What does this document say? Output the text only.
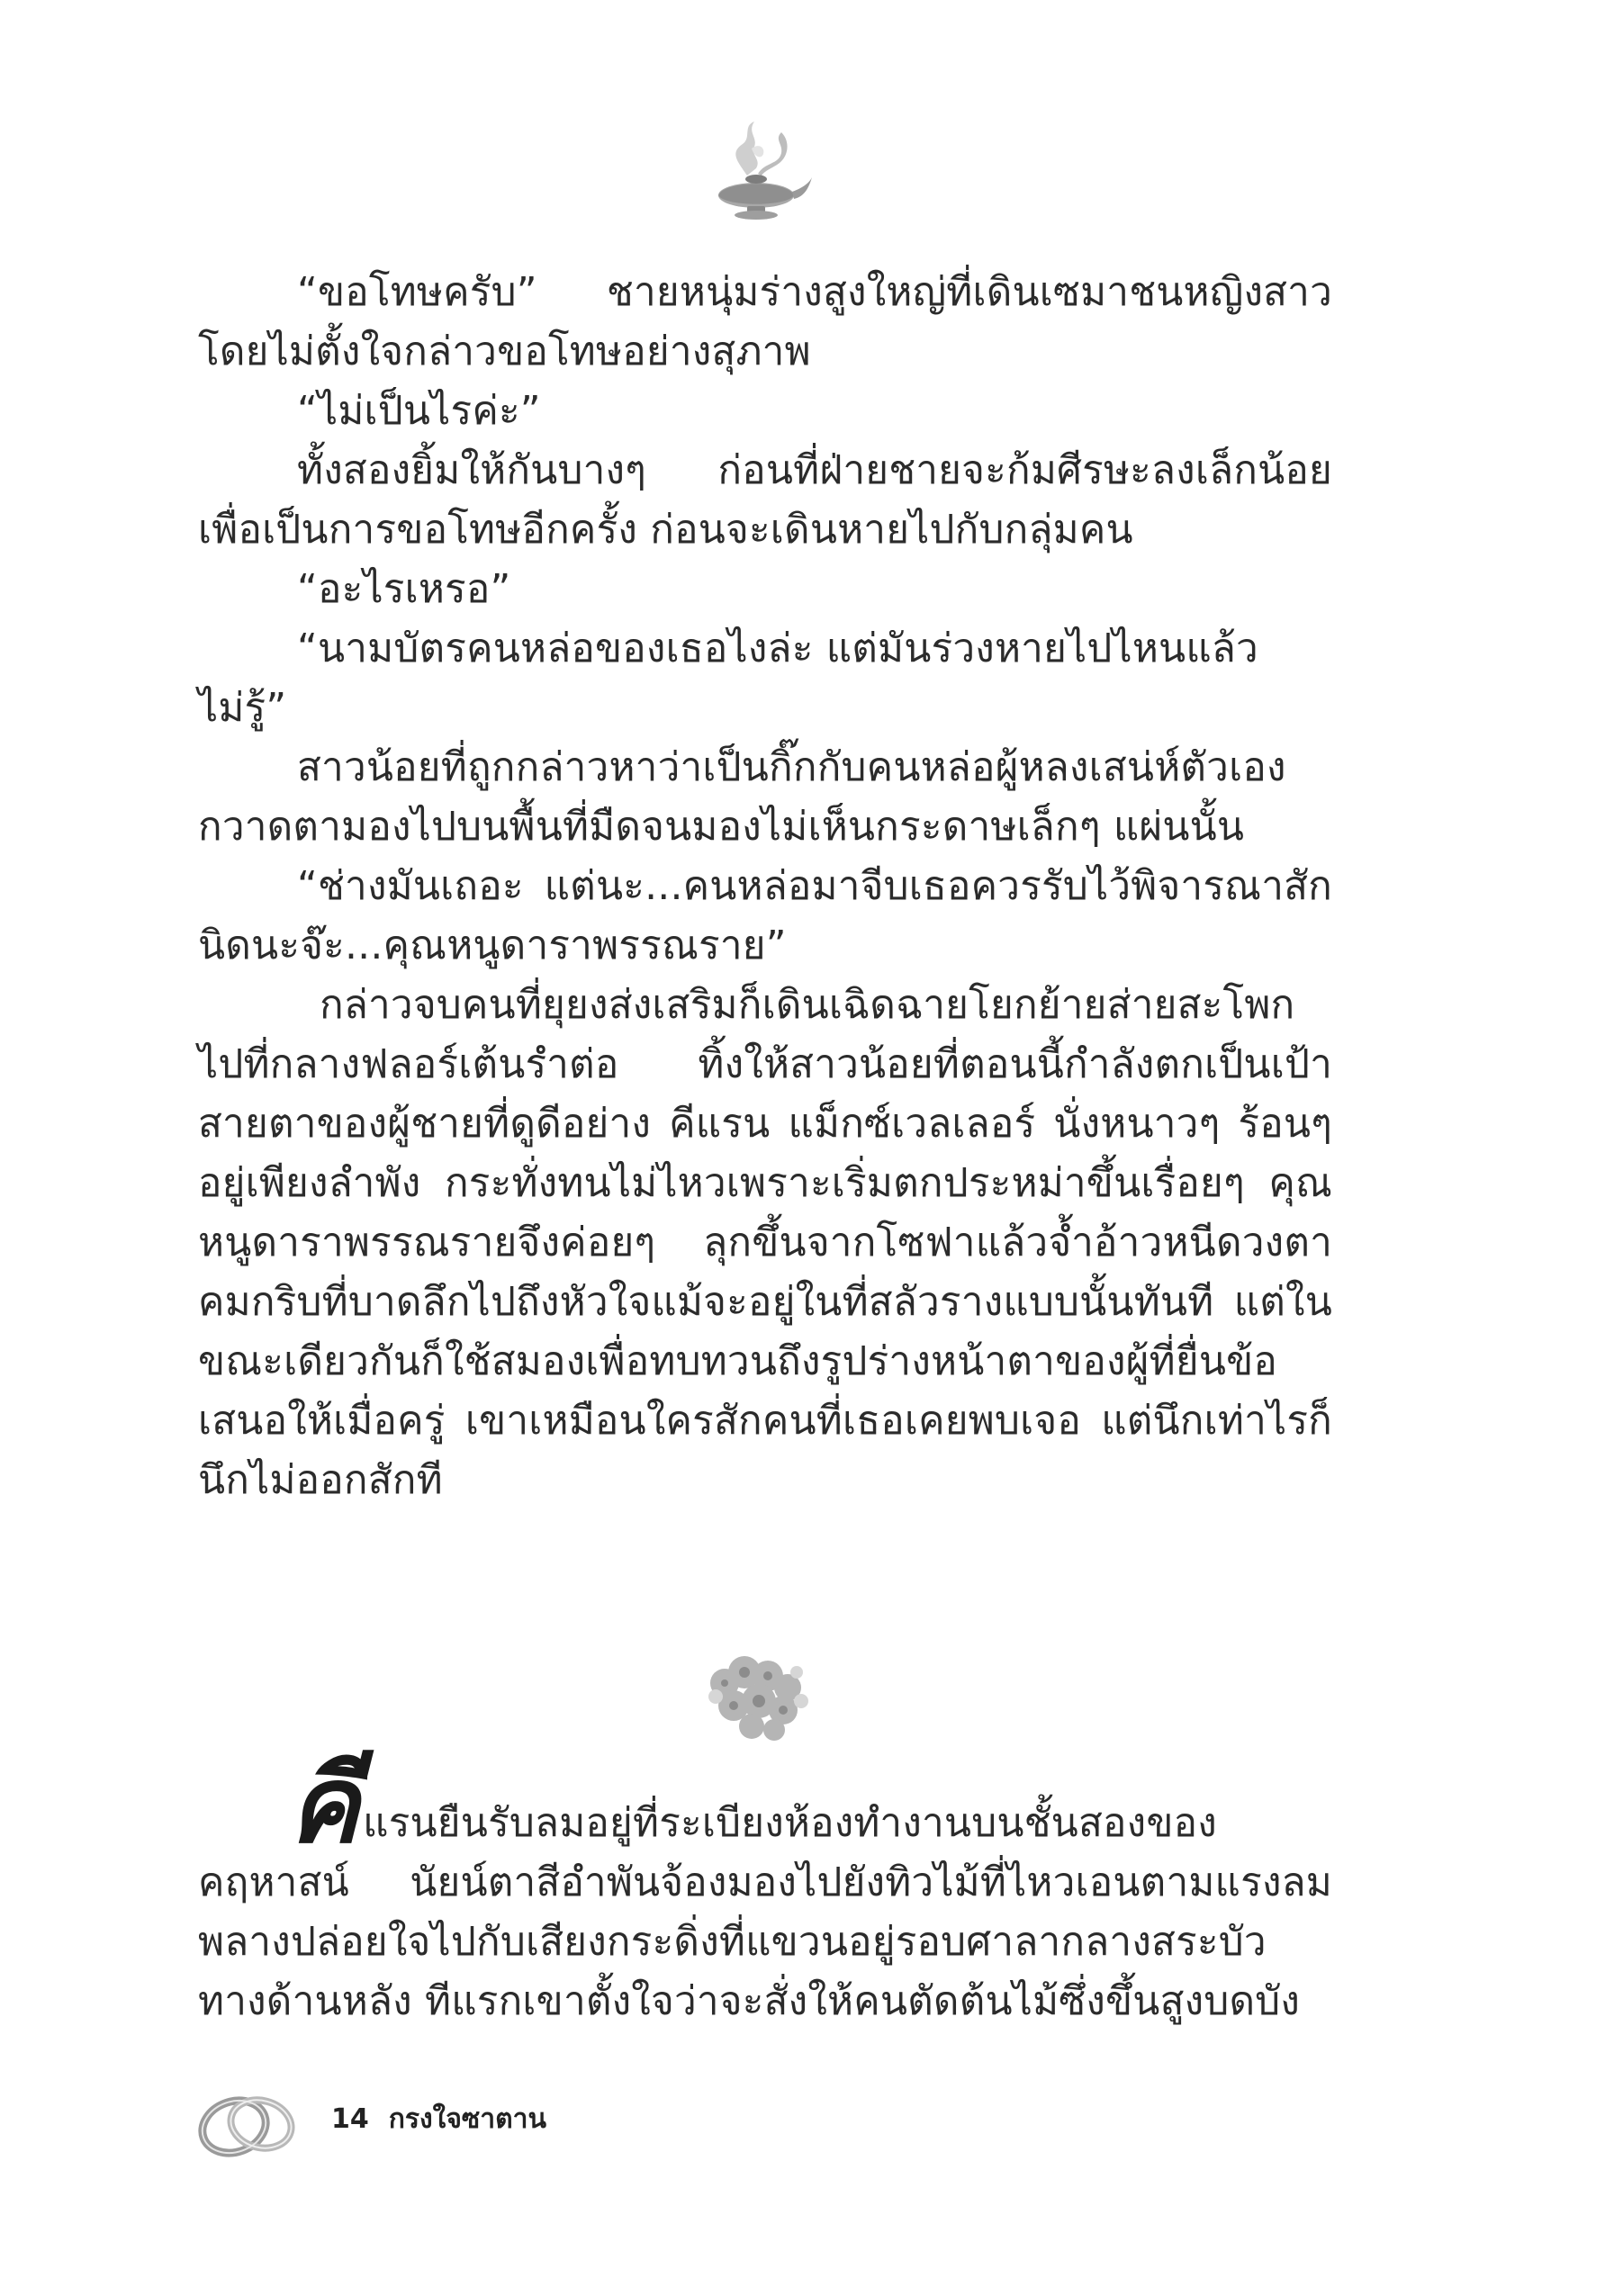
“ขอโทษครับ” ชายหนุ่มร่างสูงใหญ่ที่เดินเซมาชนหญิงสาวโดยไม่ตั้งใจกล่าวขอโทษอย่างสุภาพ

“ไม่เป็นไรค่ะ”

ทั้งสองยิ้มให้กันบางๆ ก่อนที่ฝ่ายชายจะก้มศีรษะลงเล็กน้อยเพื่อเป็นการขอโทษอีกครั้ง ก่อนจะเดินหายไปกับกลุ่มคน

“อะไรเหรอ”

“นามบัตรคนหล่อของเธอไงล่ะ แต่มันร่วงหายไปไหนแล้วไม่รู้”

สาวน้อยที่ถูกกล่าวหาว่าเป็นกิ๊กกับคนหล่อผู้หลงเสน่ห์ตัวเองกวาดตามองไปบนพื้นที่มืดจนมองไม่เห็นกระดาษเล็กๆ แผ่นนั้น

“ช่างมันเถอะ แต่นะ...คนหล่อมาจีบเธอควรรับไว้พิจารณาสักนิดนะจ๊ะ...คุณหนูดาราพรรณราย”

กล่าวจบคนที่ยุยงส่งเสริมก็เดินเฉิดฉายโยกย้ายส่ายสะโพกไปที่กลางฟลอร์เต้นรำต่อ ทิ้งให้สาวน้อยที่ตอนนี้กำลังตกเป็นเป้าสายตาของผู้ชายที่ดูดีอย่าง คีแรน แม็กซ์เวลเลอร์ นั่งหนาวๆ ร้อนๆ อยู่เพียงลำพัง กระทั่งทนไม่ไหวเพราะเริ่มตกประหม่าขึ้นเรื่อยๆ คุณหนูดาราพรรณรายจึงค่อยๆ ลุกขึ้นจากโซฟาแล้วจ้ำอ้าวหนีดวงตาคมกริบที่บาดลึกไปถึงหัวใจแม้จะอยู่ในที่สลัวรางแบบนั้นทันที แต่ในขณะเดียวกันก็ใช้สมองเพื่อทบทวนถึงรูปร่างหน้าตาของผู้ที่ยื่นข้อเสนอให้เมื่อครู่ เขาเหมือนใครสักคนที่เธอเคยพบเจอ แต่นึกเท่าไรก็นึกไม่ออกสักที

คีแรนยืนรับลมอยู่ที่ระเบียงห้องทำงานบนชั้นสองของคฤหาสน์ นัยน์ตาสีอำพันจ้องมองไปยังทิวไม้ที่ไหวเอนตามแรงลมพลางปล่อยใจไปกับเสียงกระดิ่งที่แขวนอยู่รอบศาลากลางสระบัวทางด้านหลัง ทีแรกเขาตั้งใจว่าจะสั่งให้คนตัดต้นไม้ซึ่งขึ้นสูงบดบัง

14 กรงใจซาตาน
